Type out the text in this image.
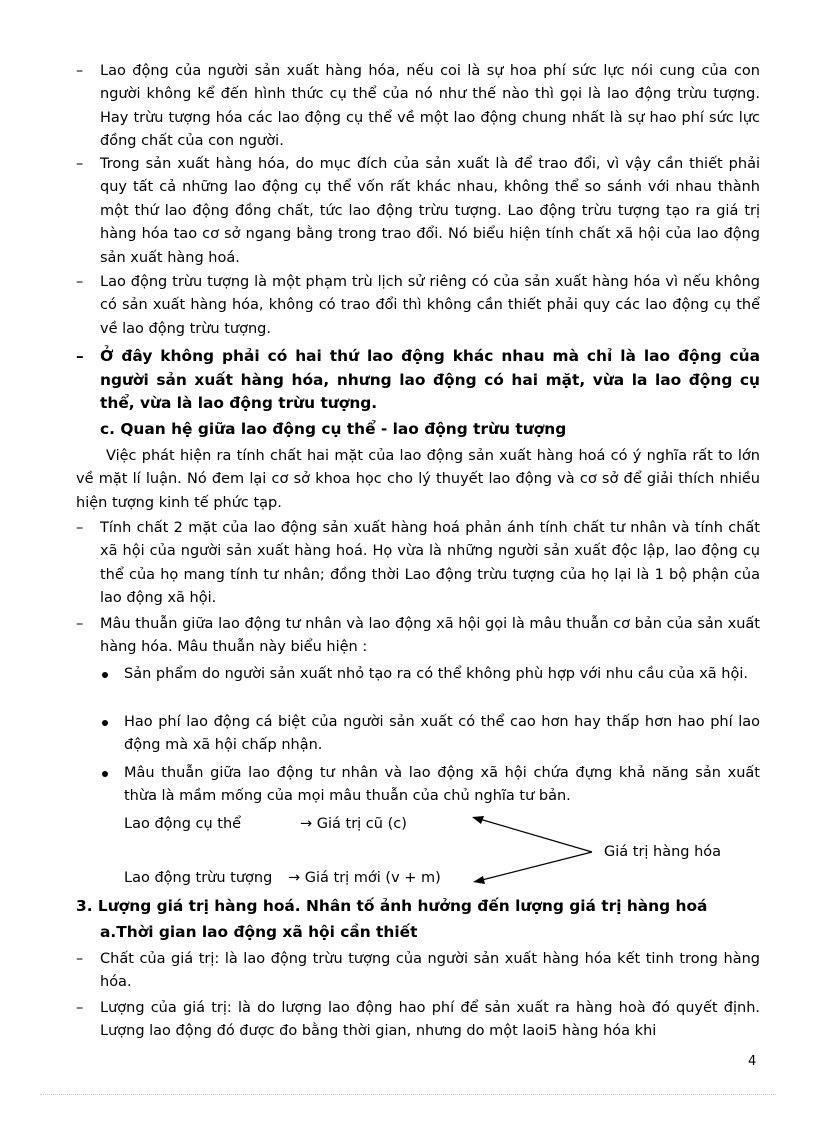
– Lao động của người sản xuất hàng hóa, nếu coi là sự hoa phí sức lực nói cung của con người không kể đến hình thức cụ thể của nó như thế nào thì gọi là lao động trừu tượng. Hay trừu tượng hóa các lao động cụ thể về một lao động chung nhất là sự hao phí sức lực đồng chất của con người.
– Trong sản xuất hàng hóa, do mục đích của sản xuất là để trao đổi, vì vậy cần thiết phải quy tất cả những lao động cụ thể vốn rất khác nhau, không thể so sánh với nhau thành một thứ lao động đồng chất, tức lao động trừu tượng. Lao động trừu tượng tạo ra giá trị hàng hóa tao cơ sở ngang bằng trong trao đổi. Nó biểu hiện tính chất xã hội của lao động sản xuất hàng hoá.
– Lao động trừu tượng là một phạm trù lịch sử riêng có của sản xuất hàng hóa vì nếu không có sản xuất hàng hóa, không có trao đổi thì không cần thiết phải quy các lao động cụ thể về lao động trừu tượng.
– Ở đây không phải có hai thứ lao động khác nhau mà chỉ là lao động của người sản xuất hàng hóa, nhưng lao động có hai mặt, vừa la lao động cụ thể, vừa là lao động trừu tượng.
c. Quan hệ giữa lao động cụ thể - lao động trừu tượng
Việc phát hiện ra tính chất hai mặt của lao động sản xuất hàng hoá có ý nghĩa rất to lớn về mặt lí luận. Nó đem lại cơ sở khoa học cho lý thuyết lao động và cơ sở để giải thích nhiều hiện tượng kinh tế phức tạp.
– Tính chất 2 mặt của lao động sản xuất hàng hoá phản ánh tính chất tư nhân và tính chất xã hội của người sản xuất hàng hoá. Họ vừa là những người sản xuất độc lập, lao động cụ thể của họ mang tính tư nhân; đồng thời Lao động trừu tượng của họ lại là 1 bộ phận của lao động xã hội.
– Mâu thuẫn giữa lao động tư nhân và lao động xã hội gọi là mâu thuẫn cơ bản của sản xuất hàng hóa. Mâu thuẫn này biểu hiện :
Sản phẩm do người sản xuất nhỏ tạo ra có thể không phù hợp với nhu cầu của xã hội.
Hao phí lao động cá biệt của người sản xuất có thể cao hơn hay thấp hơn hao phí lao động mà xã hội chấp nhận.
Mâu thuẫn giữa lao động tư nhân và lao động xã hội chứa đựng khả năng sản xuất thừa là mầm mống của mọi mâu thuẫn của chủ nghĩa tư bản.
Lao động cụ thể	→ Giá trị cũ (c)
Giá trị hàng hóa
Lao động trừu tượng → Giá trị mới (v + m)
3. Lượng giá trị hàng hoá. Nhân tố ảnh hưởng đến lượng giá trị hàng hoá
a.Thời gian lao động xã hội cần thiết
– Chất của giá trị: là lao động trừu tượng của người sản xuất hàng hóa kết tinh trong hàng hóa.
– Lượng của giá trị: là do lượng lao động hao phí để sản xuất ra hàng hoà đó quyết định. Lượng lao động đó được đo bằng thời gian, nhưng do một laoi5 hàng hóa khi
4
